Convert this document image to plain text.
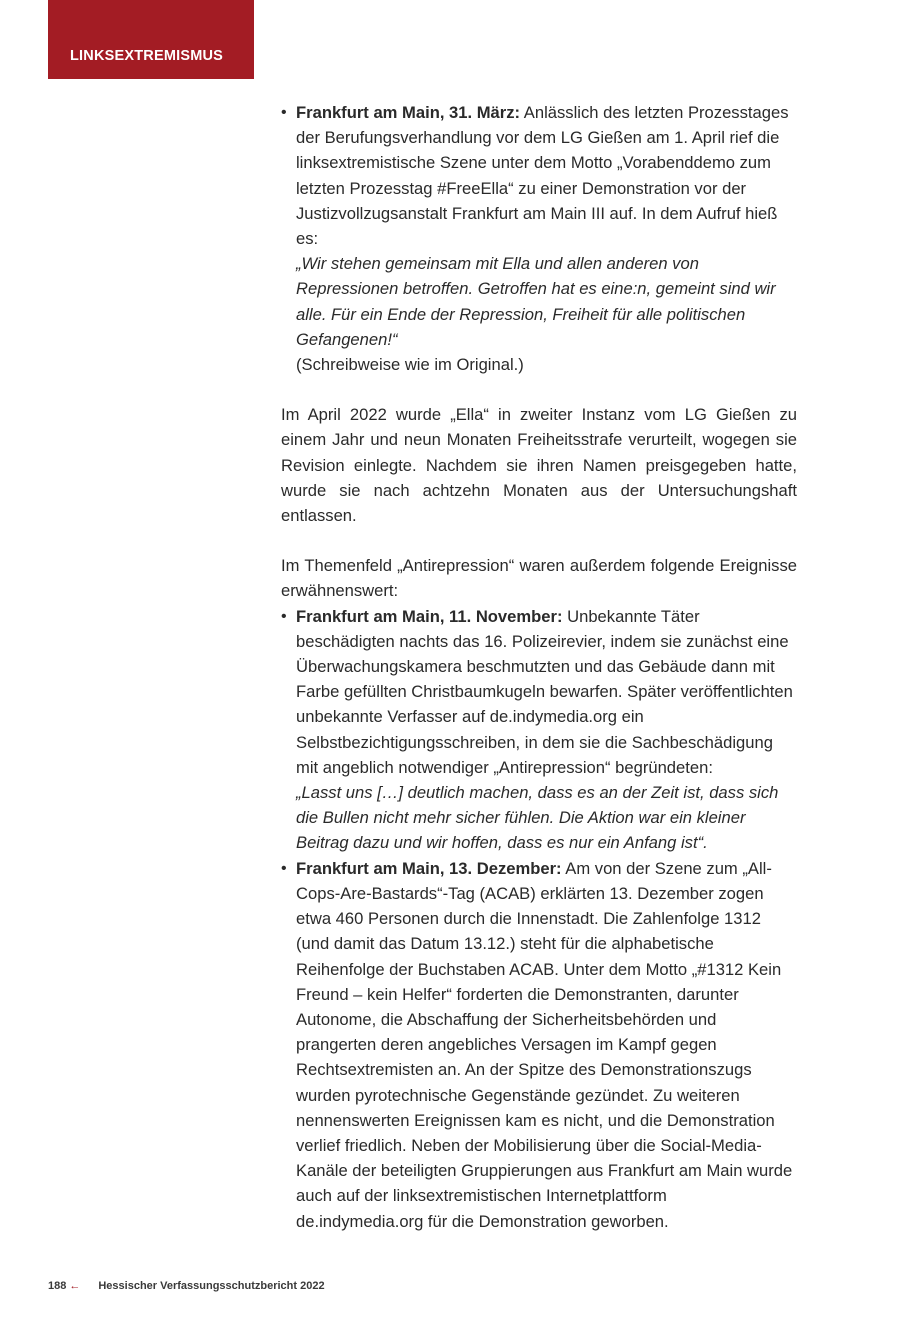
LINKSEXTREMISMUS
• Frankfurt am Main, 31. März: Anlässlich des letzten Prozesstages der Berufungsverhandlung vor dem LG Gießen am 1. April rief die linksextremistische Szene unter dem Motto „Vorabenddemo zum letzten Prozesstag #FreeElla“ zu einer Demonstration vor der Justizvollzugsanstalt Frankfurt am Main III auf. In dem Aufruf hieß es:
„Wir stehen gemeinsam mit Ella und allen anderen von Repressionen betroffen. Getroffen hat es eine:n, gemeint sind wir alle. Für ein Ende der Repression, Freiheit für alle politischen Gefangenen!“
(Schreibweise wie im Original.)

Im April 2022 wurde „Ella“ in zweiter Instanz vom LG Gießen zu einem Jahr und neun Monaten Freiheitsstrafe verurteilt, wogegen sie Revision einlegte. Nachdem sie ihren Namen preisgegeben hatte, wurde sie nach achtzehn Monaten aus der Untersuchungshaft entlassen.

Im Themenfeld „Antirepression“ waren außerdem folgende Ereignisse erwähnenswert:

• Frankfurt am Main, 11. November: Unbekannte Täter beschädigten nachts das 16. Polizeirevier, indem sie zunächst eine Überwachungskamera beschmutzten und das Gebäude dann mit Farbe gefüllten Christbaumkugeln bewarfen. Später veröffentlichten unbekannte Verfasser auf de.indymedia.org ein Selbstbezichtigungsschreiben, in dem sie die Sachbeschädigung mit angeblich notwendiger „Antirepression“ begründeten:
„Lasst uns […] deutlich machen, dass es an der Zeit ist, dass sich die Bullen nicht mehr sicher fühlen. Die Aktion war ein kleiner Beitrag dazu und wir hoffen, dass es nur ein Anfang ist“.
• Frankfurt am Main, 13. Dezember: Am von der Szene zum „All-Cops-Are-Bastards“-Tag (ACAB) erklärten 13. Dezember zogen etwa 460 Personen durch die Innenstadt. Die Zahlenfolge 1312 (und damit das Datum 13.12.) steht für die alphabetische Reihenfolge der Buchstaben ACAB. Unter dem Motto „#1312 Kein Freund – kein Helfer“ forderten die Demonstranten, darunter Autonome, die Abschaffung der Sicherheitsbehörden und prangerten deren angebliches Versagen im Kampf gegen Rechtsextremisten an. An der Spitze des Demonstrationszugs wurden pyrotechnische Gegenstände gezündet. Zu weiteren nennenswerten Ereignissen kam es nicht, und die Demonstration verlief friedlich. Neben der Mobilisierung über die Social-Media-Kanäle der beteiligten Gruppierungen aus Frankfurt am Main wurde auch auf der linksextremistischen Internetplattform de.indymedia.org für die Demonstration geworben.
188 ← Hessischer Verfassungsschutzbericht 2022
